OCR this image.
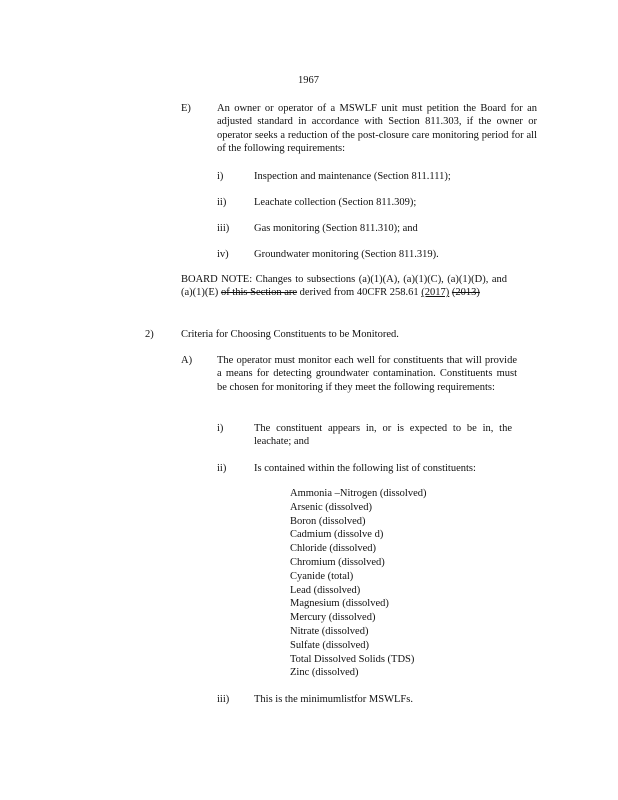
1967
E) An owner or operator of a MSWLF unit must petition the Board for an adjusted standard in accordance with Section 811.303, if the owner or operator seeks a reduction of the post-closure care monitoring period for all of the following requirements:
i)	Inspection and maintenance (Section 811.111);
ii)	Leachate collection (Section 811.309);
iii) Gas monitoring (Section 811.310); and
iv) Groundwater monitoring (Section 811.319).
BOARD NOTE: Changes to subsections (a)(1)(A), (a)(1)(C), (a)(1)(D), and (a)(1)(E) of this Section are derived from 40CFR 258.61 (2017) (2013)
2)	Criteria for Choosing Constituents to be Monitored.
A) The operator must monitor each well for constituents that will provide a means for detecting groundwater contamination. Constituents must be chosen for monitoring if they meet the following requirements:
i)	The constituent appears in, or is expected to be in, the leachate; and
ii)	Is contained within the following list of constituents:
Ammonia –Nitrogen (dissolved)
Arsenic (dissolved)
Boron (dissolved)
Cadmium (dissolve d)
Chloride (dissolved)
Chromium (dissolved)
Cyanide (total)
Lead (dissolved)
Magnesium (dissolved)
Mercury (dissolved)
Nitrate (dissolved)
Sulfate (dissolved)
Total Dissolved Solids (TDS)
Zinc (dissolved)
iii) This is the minimumlistfor MSWLFs.
